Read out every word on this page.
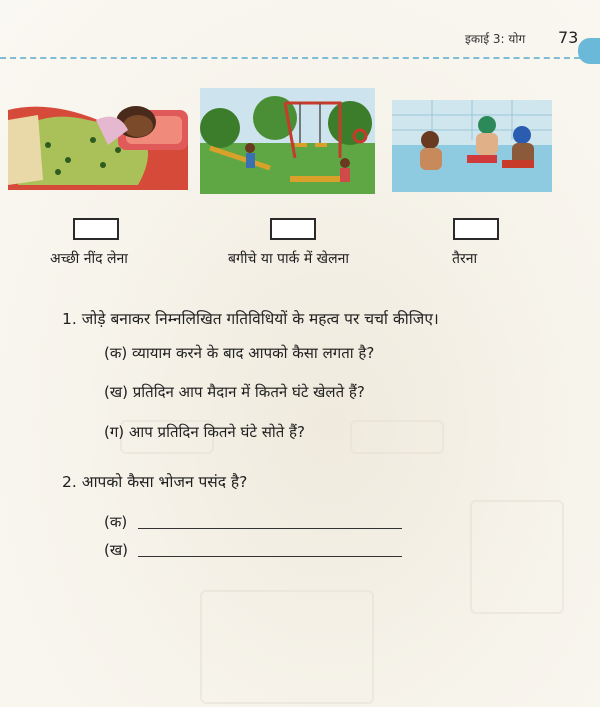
इकाई 3: योग 73
अच्छी नींद लेना	बगीचे या पार्क में खेलना	तैरना
1. जोड़े बनाकर निम्नलिखित गतिविधियों के महत्व पर चर्चा कीजिए।
(क) व्यायाम करने के बाद आपको कैसा लगता है?
(ख) प्रतिदिन आप मैदान में कितने घंटे खेलते हैं?
(ग) आप प्रतिदिन कितने घंटे सोते हैं?
2. आपको कैसा भोजन पसंद है?
(क)
(ख)
